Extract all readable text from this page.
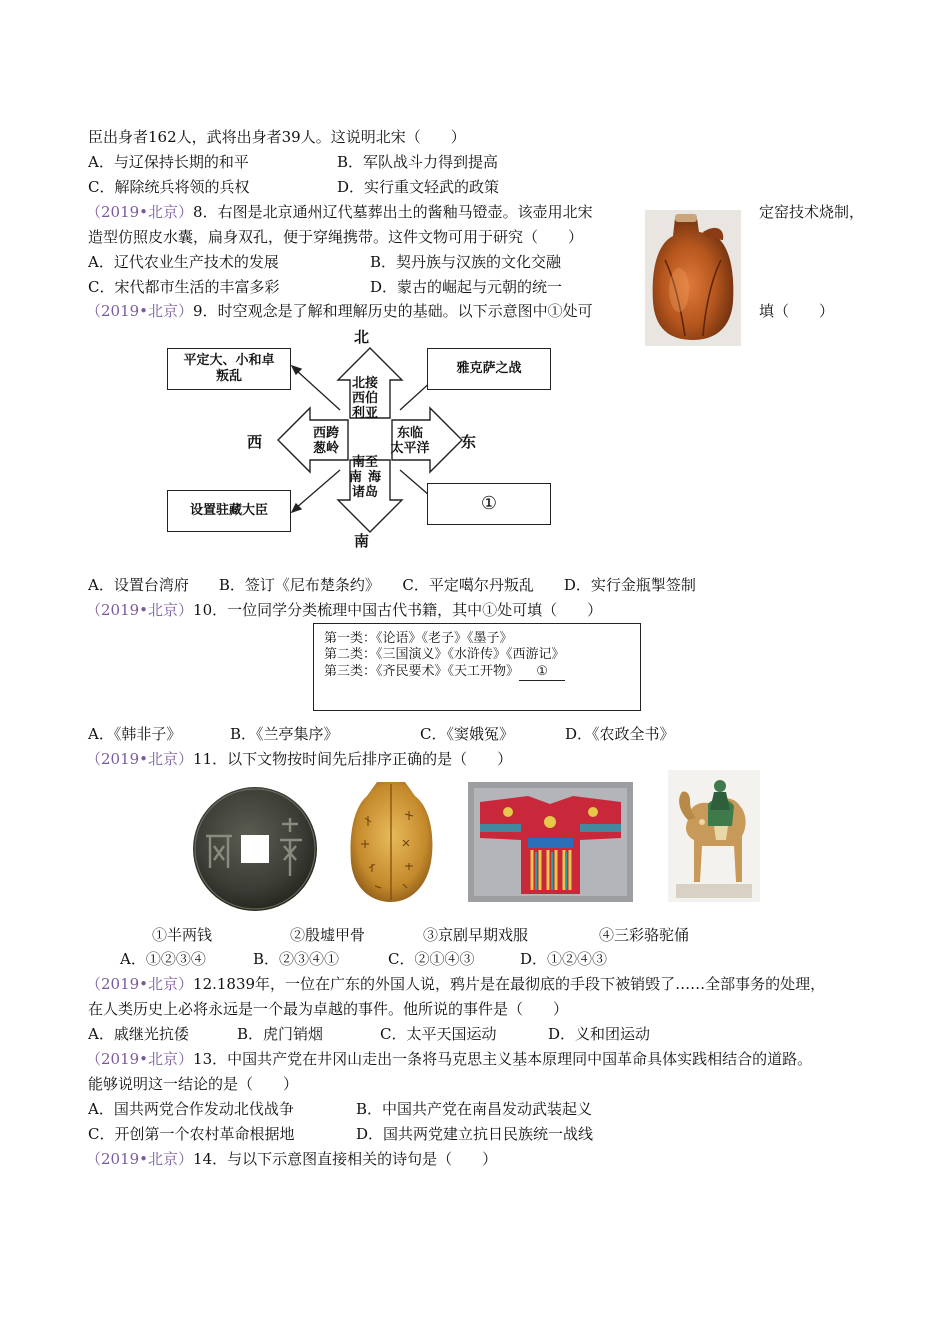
臣出身者162人，武将出身者39人。这说明北宋（　　）
A．与辽保持长期的和平	B．军队战斗力得到提高
C．解除统兵将领的兵权	D．实行重文轻武的政策
（2019•北京）8．右图是北京通州辽代墓葬出土的酱釉马镫壶。该壶用北宋	定窑技术烧制，
造型仿照皮水囊，扁身双孔，便于穿绳携带。这件文物可用于研究（　　）
A．辽代农业生产技术的发展	B．契丹族与汉族的文化交融
C．宋代都市生活的丰富多彩	D．蒙古的崛起与元朝的统一
（2019•北京）9．时空观念是了解和理解历史的基础。以下示意图中①处可	填（　　）
北
南
西	东
北接
西伯
利亚
西跨
葱岭
东临
太平洋
南至
南 海
诸岛
平定大、小和卓
叛乱
雅克萨之战
设置驻藏大臣	①
A．设置台湾府　　B．签订《尼布楚条约》　　C．平定噶尔丹叛乱　　D．实行金瓶掣签制
（2019•北京）10．一位同学分类梳理中国古代书籍，其中①处可填（　　）
第一类：《论语》《老子》《墨子》
第二类：《三国演义》《水浒传》《西游记》
第三类：《齐民要术》《天工开物》 ①
A．《韩非子》	B．《兰亭集序》	C．《窦娥冤》	D．《农政全书》
（2019•北京）11．以下文物按时间先后排序正确的是（　　）
①半两钱	②殷墟甲骨	③京剧早期戏服	④三彩骆驼俑
A．①②③④	B．②③④①	C．②①④③	D．①②④③
（2019•北京）12.1839年，一位在广东的外国人说，鸦片是在最彻底的手段下被销毁了……全部事务的处理，
在人类历史上必将永远是一个最为卓越的事件。他所说的事件是（　　）
A．戚继光抗倭	B．虎门销烟	C．太平天国运动	D．义和团运动
（2019•北京）13．中国共产党在井冈山走出一条将马克思主义基本原理同中国革命具体实践相结合的道路。
能够说明这一结论的是（　　）
A．国共两党合作发动北伐战争	B．中国共产党在南昌发动武装起义
C．开创第一个农村革命根据地	D．国共两党建立抗日民族统一战线
（2019•北京）14．与以下示意图直接相关的诗句是（　　）
